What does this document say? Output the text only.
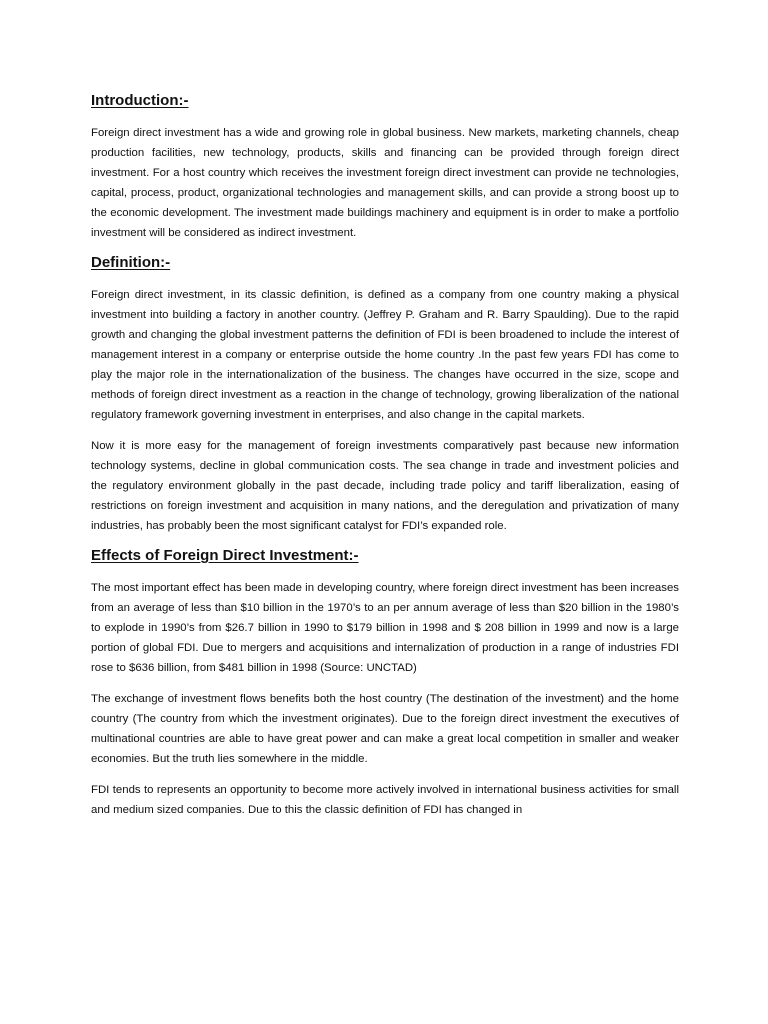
Introduction:-

Foreign direct investment has a wide and growing role in global business. New markets, marketing channels, cheap production facilities, new technology, products, skills and financing can be provided through foreign direct investment. For a host country which receives the investment foreign direct investment can provide ne technologies, capital, process, product, organizational technologies and management skills, and can provide a strong boost up to the economic development. The investment made buildings machinery and equipment is in order to make a portfolio investment will be considered as indirect investment.

Definition:-

Foreign direct investment, in its classic definition, is defined as a company from one country making a physical investment into building a factory in another country. (Jeffrey P. Graham and R. Barry Spaulding). Due to the rapid growth and changing the global investment patterns the definition of FDI is been broadened to include the interest of management interest in a company or enterprise outside the home country .In the past few years FDI has come to play the major role in the internationalization of the business. The changes have occurred in the size, scope and methods of foreign direct investment as a reaction in the change of technology, growing liberalization of the national regulatory framework governing investment in enterprises, and also change in the capital markets.

Now it is more easy for the management of foreign investments comparatively past because new information technology systems, decline in global communication costs. The sea change in trade and investment policies and the regulatory environment globally in the past decade, including trade policy and tariff liberalization, easing of restrictions on foreign investment and acquisition in many nations, and the deregulation and privatization of many industries, has probably been the most significant catalyst for FDI’s expanded role.

Effects of Foreign Direct Investment:-

The most important effect has been made in developing country, where foreign direct investment has been increases from an average of less than $10 billion in the 1970’s to an per annum average of less than $20 billion in the 1980’s to explode in 1990’s from $26.7 billion in 1990 to $179 billion in 1998 and $ 208 billion in 1999 and now is a large portion of global FDI. Due to mergers and acquisitions and internalization of production in a range of industries FDI rose to $636 billion, from $481 billion in 1998 (Source: UNCTAD)

The exchange of investment flows benefits both the host country (The destination of the investment) and the home country (The country from which the investment originates). Due to the foreign direct investment the executives of multinational countries are able to have great power and can make a great local competition in smaller and weaker economies. But the truth lies somewhere in the middle.

FDI tends to represents an opportunity to become more actively involved in international business activities for small and medium sized companies. Due to this the classic definition of FDI has changed in
